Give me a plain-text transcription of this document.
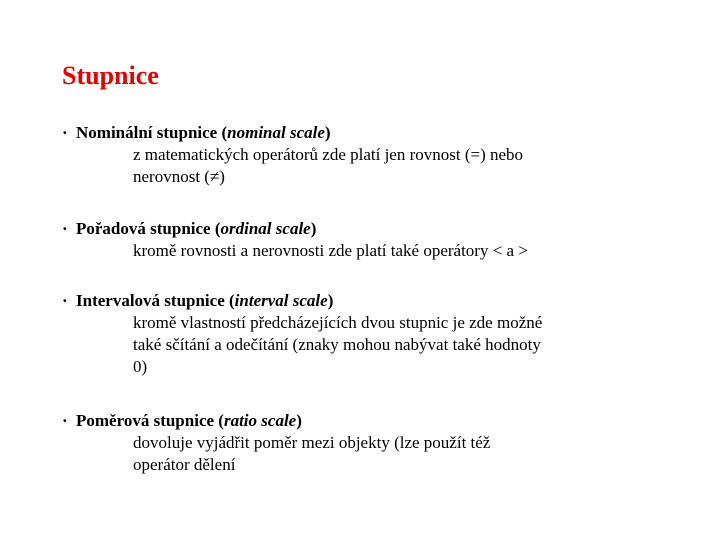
Stupnice
· Nominální stupnice (nominal scale)
z matematických operátorů zde platí jen rovnost (=) nebo
nerovnost (≠)
· Pořadová stupnice (ordinal scale)
kromě rovnosti a nerovnosti zde platí také operátory < a >
· Intervalová stupnice (interval scale)
kromě vlastností předcházejících dvou stupnic je zde možné
také sčítání a odečítání (znaky mohou nabývat také hodnoty
0)
· Poměrová stupnice (ratio scale)
dovoluje vyjádřit poměr mezi objekty (lze použít též
operátor dělení
